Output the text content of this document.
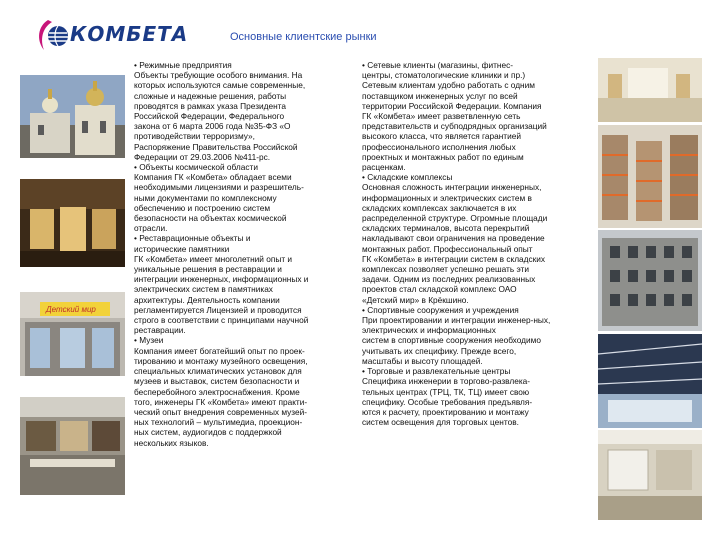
КОМБЕТА	Основные клиентские рынки
• Режимные предприятия
Объекты требующие особого внимания. На
которых используются самые современные,
сложные и надежные решения, работы
проводятся в рамках указа Президента
Российской Федерации, Федерального
закона от 6 марта 2006 года №35-ФЗ «О
противодействии терроризму»,
Распоряжение Правительства Российской
Федерации от 29.03.2006 №411-рс.
• Объекты космической области
Компания ГК «Комбета» обладает всеми
необходимыми лицензиями и разрешитель-
ными документами по комплексному
обеспечению и построению систем
безопасности на объектах космической
отрасли.
• Реставрационные объекты и
исторические памятники
ГК «Комбета» имеет многолетний опыт и
уникальные решения в реставрации и
интеграции инженерных, информационных и
электрических систем в памятниках
архитектуры. Деятельность компании
регламентируется Лицензией и проводится
строго в соответствии с принципами научной
реставрации.
• Музеи
Компания имеет богатейший опыт по проек-
тированию и монтажу музейного освещения,
специальных климатических установок для
музеев и выставок, систем безопасности и
бесперебойного электроснабжения. Кроме
того, инженеры ГК «Комбета» имеют практи-
ческий опыт внедрения современных музей-
ных технологий – мультимедиа, проекцион-
ных систем, аудиогидов с поддержкой
нескольких языков.
• Сетевые клиенты (магазины, фитнес-
центры, стоматологические клиники и пр.)
Сетевым клиентам удобно работать с одним
поставщиком инженерных услуг по всей
территории Российской Федерации. Компания
ГК «Комбета» имеет разветвленную сеть
представительств и субподрядных организаций
высокого класса, что является гарантией
профессионального исполнения любых
проектных и монтажных работ по единым
расценкам.
• Складские комплексы
Основная сложность интеграции инженерных,
информационных и электрических систем в
складских комплексах заключается в их
распределенной структуре. Огромные площади
складских терминалов, высота перекрытий
накладывают свои ограничения на проведение
монтажных работ. Профессиональный опыт
ГК «Комбета» в интеграции систем в складских
комплексах позволяет успешно решать эти
задачи. Одним из последних реализованных
проектов стал складской комплекс ОАО
«Детский мир» в Крёкшино.
• Спортивные сооружения и учреждения
При проектировании и интеграции инженер-ных,
электрических и информационных
систем в спортивные сооружения необходимо
учитывать их специфику. Прежде всего,
масштабы и высоту площадей.
• Торговые и развлекательные центры
Специфика инженерии в торгово-развлека-
тельных центрах (ТРЦ, ТК, ТЦ) имеет свою
специфику. Особые требования предъявля-
ются к расчету, проектированию и монтажу
систем освещения для торговых центов.
Детский мир
